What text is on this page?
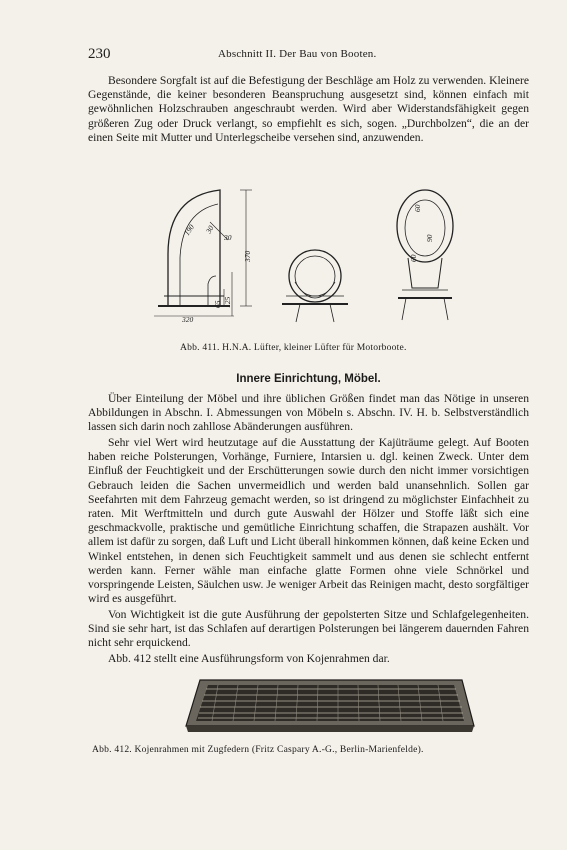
230	Abschnitt II. Der Bau von Booten.

Besondere Sorgfalt ist auf die Befestigung der Beschläge am Holz zu verwenden. Kleinere Gegenstände, die keiner besonderen Beanspruchung ausgesetzt sind, können einfach mit gewöhnlichen Holzschrauben angeschraubt werden. Wird aber Widerstandsfähigkeit gegen größeren Zug oder Druck verlangt, so empfiehlt es sich, sogen. „Durchbolzen“, die an der einen Seite mit Mutter und Unterlegscheibe versehen sind, anzuwenden.

190 30
30
370
125
65
320
60
90
60
Abb. 411. H.N.A. Lüfter, kleiner Lüfter für Motorboote.
Innere Einrichtung, Möbel.

Über Einteilung der Möbel und ihre üblichen Größen findet man das Nötige in unseren Abbildungen in Abschn. I. Abmessungen von Möbeln s. Abschn. IV. H. b. Selbstverständlich lassen sich darin noch zahllose Abänderungen ausführen.

Sehr viel Wert wird heutzutage auf die Ausstattung der Kajüträume gelegt. Auf Booten haben reiche Polsterungen, Vorhänge, Furniere, Intarsien u. dgl. keinen Zweck. Unter dem Einfluß der Feuchtigkeit und der Erschütterungen sowie durch den nicht immer vorsichtigen Gebrauch leiden die Sachen unvermeidlich und werden bald unansehnlich. Sollen gar Seefahrten mit dem Fahrzeug gemacht werden, so ist dringend zu möglichster Einfachheit zu raten. Mit Werftmitteln und durch gute Auswahl der Hölzer und Stoffe läßt sich eine geschmackvolle, praktische und gemütliche Einrichtung schaffen, die Strapazen aushält. Vor allem ist dafür zu sorgen, daß Luft und Licht überall hinkommen können, daß keine Ecken und Winkel entstehen, in denen sich Feuchtigkeit sammelt und aus denen sie schlecht entfernt werden kann. Ferner wähle man einfache glatte Formen ohne viele Schnörkel und vorspringende Leisten, Säulchen usw. Je weniger Arbeit das Reinigen macht, desto sorgfältiger wird es ausgeführt.

Von Wichtigkeit ist die gute Ausführung der gepolsterten Sitze und Schlafgelegenheiten. Sind sie sehr hart, ist das Schlafen auf derartigen Polsterungen bei längerem dauernden Fahren nicht sehr erquickend.

Abb. 412 stellt eine Ausführungsform von Kojenrahmen dar.

Abb. 412. Kojenrahmen mit Zugfedern (Fritz Caspary A.-G., Berlin-Marienfelde).
